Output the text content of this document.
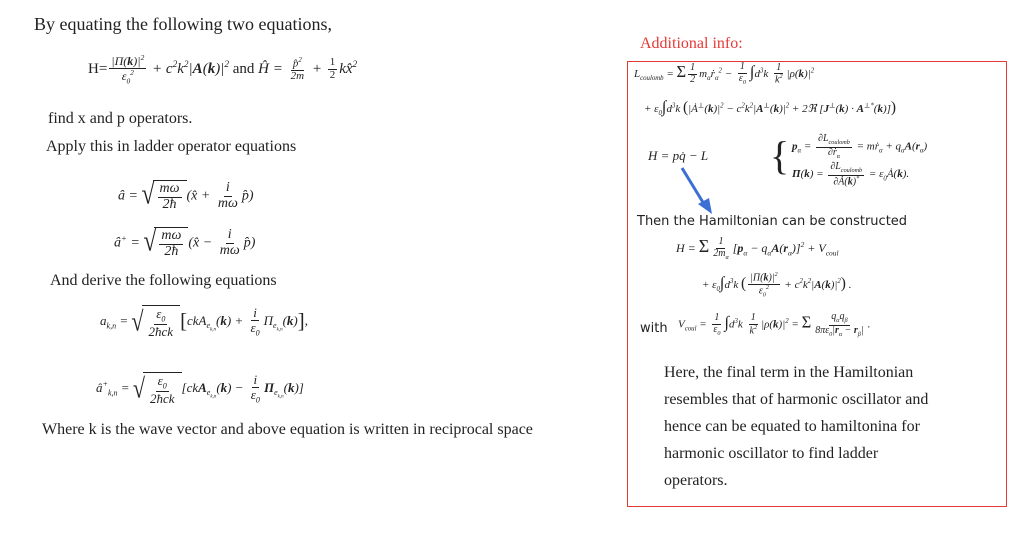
By equating the following two equations,
$H= \frac{|\Pi(k)|^2}{\varepsilon_0^2} + c^2k^2|A(k)|^2$ and Ĥ = $\frac{p̂^2}{2m} + \frac{1}{2}$ kx̂$^2$
find x and p operators.
Apply this in ladder operator equations
â = √ $\frac{m\omega}{2ħ}$ (x̂ + $\frac{i}{m\omega}$ p̂)
â+ = √ $\frac{m\omega}{2ħ}$ (x̂ − $\frac{i}{m\omega}$ p̂)
And derive the following equations
$a_{k,n}$ = √ $\frac{\varepsilon_0}{\text{2ħck}} [ckA_{e_{k,n}}(k) + \frac{i}{\varepsilon_0} \Pi_{e_{k,n}}(k)]$,
$â^+_{k,n}$ = √ $\frac{\varepsilon_0}{\text{2ħck}} [ckA_{e_{k,n}}(k) - \frac{i}{\varepsilon_0} \Pi_{e_{k,n}}(k)]$
Where k is the wave vector and above equation is written in reciprocal space
Additional info:
$L_{coulomb} = \Sigma \frac{1}{2}$ $m_\alpha ṙ_\alpha^2 - \frac{1}{\varepsilon_0} \int d^3k \frac{1}{k^2} |\rho(k)|^2$
+ $\varepsilon_0\int d^3k$ ($|Ȧ^\perp(k)|^2 - c^2k^2|A^\perp(k)|^2$ + 2ℜ [J⊥(k) · A⊥*(k)])
H = pq̇ − L { $p_\alpha = \frac{\partial L_{coulomb}}{\partial ṙ_\alpha}$ = mṙ$_\alpha$ + $q_\alpha A(r_\alpha)$
$\Pi(k) = \frac{\partial L_{coulomb}}{\partial Ȧ(k)^*}$ = $\varepsilon_0Ȧ(k)$.
Then the Hamiltonian can be constructed
H = Σ $\frac{1}{2m_\alpha} [p_\alpha - q_\alpha A(r_\alpha)]^2 + V_{coul}$
+ $\varepsilon_0\int d^3k$ ( $\frac{|\Pi(k)|^2}{\varepsilon_0^2} + c^2k^2|A(k)|^2$) .
with $V_{coul} = \frac{1}{\varepsilon_0} \int d^3k \frac{1}{k^2} |\rho(k)|^2 = \Sigma \frac{q_\alpha q_\beta}{8\pi\varepsilon_0|r_\alpha - r_\beta|}$ .
Here, the final term in the Hamiltonian
resembles that of harmonic oscillator and
hence can be equated to hamiltonina for
harmonic oscillator to find ladder
operators.
